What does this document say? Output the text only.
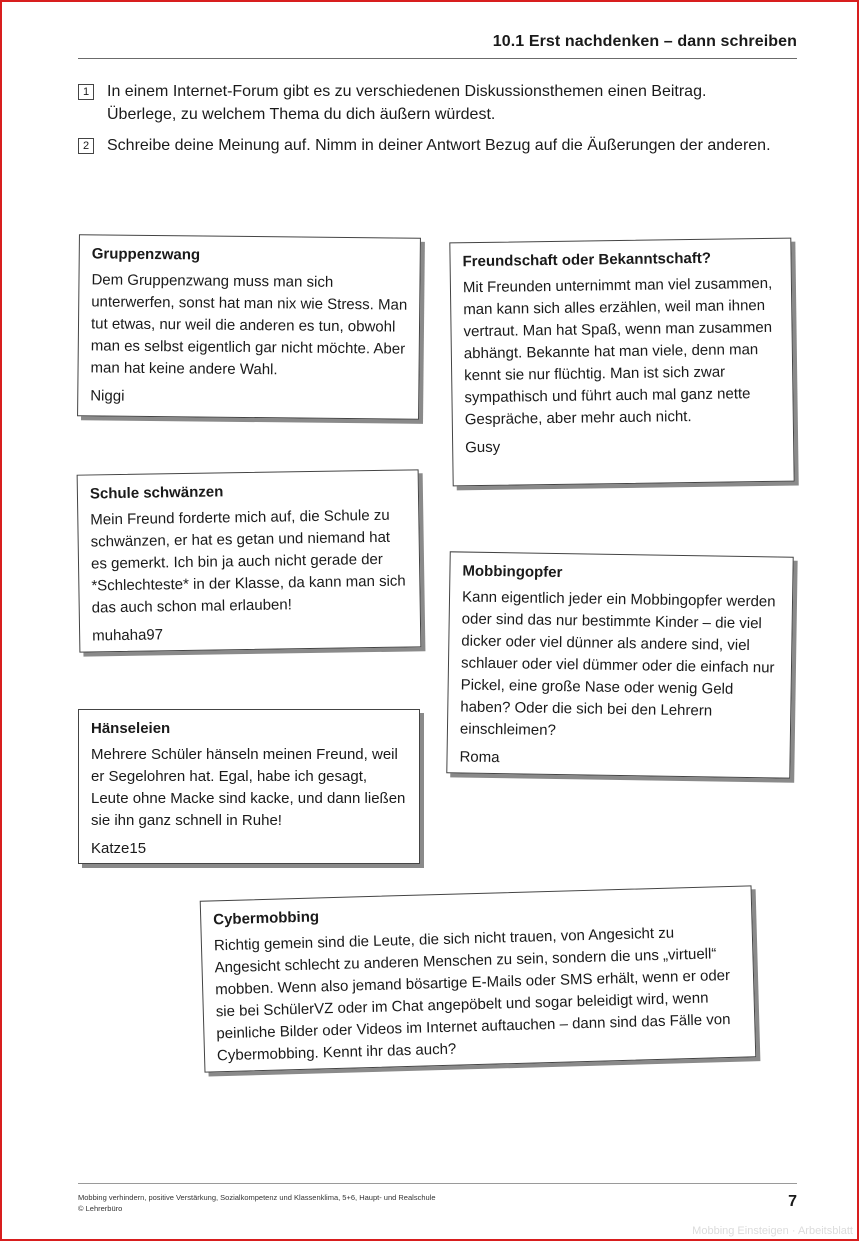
10.1 Erst nachdenken – dann schreiben
1	In einem Internet-Forum gibt es zu verschiedenen Diskussionsthemen einen Beitrag. Überlege, zu welchem Thema du dich äußern würdest.
2	Schreibe deine Meinung auf. Nimm in deiner Antwort Bezug auf die Äußerungen der anderen.
Gruppenzwang
Dem Gruppenzwang muss man sich unterwerfen, sonst hat man nix wie Stress. Man tut etwas, nur weil die anderen es tun, obwohl man es selbst eigentlich gar nicht möchte. Aber man hat keine andere Wahl.
Niggi
Freundschaft oder Bekanntschaft?
Mit Freunden unternimmt man viel zusammen, man kann sich alles erzählen, weil man ihnen vertraut. Man hat Spaß, wenn man zusammen abhängt. Bekannte hat man viele, denn man kennt sie nur flüchtig. Man ist sich zwar sympathisch und führt auch mal ganz nette Gespräche, aber mehr auch nicht.
Gusy
Schule schwänzen
Mein Freund forderte mich auf, die Schule zu schwänzen, er hat es getan und niemand hat es gemerkt. Ich bin ja auch nicht gerade der *Schlechteste* in der Klasse, da kann man sich das auch schon mal erlauben!
muhaha97
Mobbingopfer
Kann eigentlich jeder ein Mobbingopfer werden oder sind das nur bestimmte Kinder – die viel dicker oder viel dünner als andere sind, viel schlauer oder viel dümmer oder die einfach nur Pickel, eine große Nase oder wenig Geld haben? Oder die sich bei den Lehrern einschleimen?
Roma
Hänseleien
Mehrere Schüler hänseln meinen Freund, weil er Segelohren hat. Egal, habe ich gesagt, Leute ohne Macke sind kacke, und dann ließen sie ihn ganz schnell in Ruhe!
Katze15
Cybermobbing
Richtig gemein sind die Leute, die sich nicht trauen, von Angesicht zu Angesicht schlecht zu anderen Menschen zu sein, sondern die uns „virtuell“ mobben. Wenn also jemand bösartige E-Mails oder SMS erhält, wenn er oder sie bei SchülerVZ oder im Chat angepöbelt und sogar beleidigt wird, wenn peinliche Bilder oder Videos im Internet auftauchen – dann sind das Fälle von Cybermobbing. Kennt ihr das auch?
Mobbing verhindern, positive Verstärkung, Sozialkompetenz und Klassenklima, 5+6, Haupt- und Realschule
© Lehrerbüro	7
Mobbing Einsteigen · Arbeitsblatt
